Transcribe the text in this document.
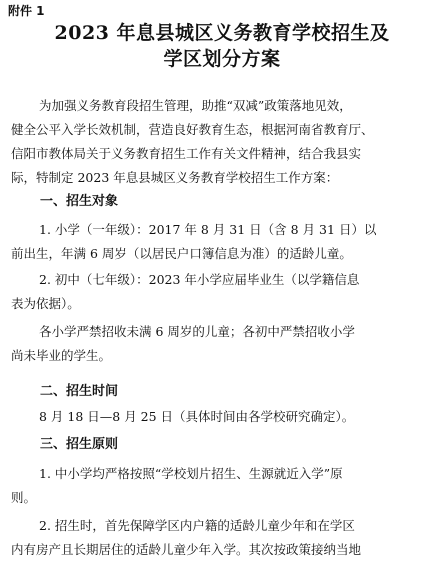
附件 1
2023 年息县城区义务教育学校招生及
学区划分方案
为加强义务教育段招生管理，助推“双减”政策落地见效，
健全公平入学长效机制，营造良好教育生态，根据河南省教育厅、
信阳市教体局关于义务教育招生工作有关文件精神，结合我县实
际，特制定 2023 年息县城区义务教育学校招生工作方案：
一、招生对象
1. 小学（一年级）：2017 年 8 月 31 日（含 8 月 31 日）以
前出生，年满 6 周岁（以居民户口簿信息为准）的适龄儿童。
2. 初中（七年级）：2023 年小学应届毕业生（以学籍信息
表为依据）。
各小学严禁招收未满 6 周岁的儿童；各初中严禁招收小学
尚未毕业的学生。
二、招生时间
8 月 18 日—8 月 25 日（具体时间由各学校研究确定）。
三、招生原则
1. 中小学均严格按照“学校划片招生、生源就近入学”原
则。
2. 招生时，首先保障学区内户籍的适龄儿童少年和在学区
内有房产且长期居住的适龄儿童少年入学。其次按政策接纳当地
